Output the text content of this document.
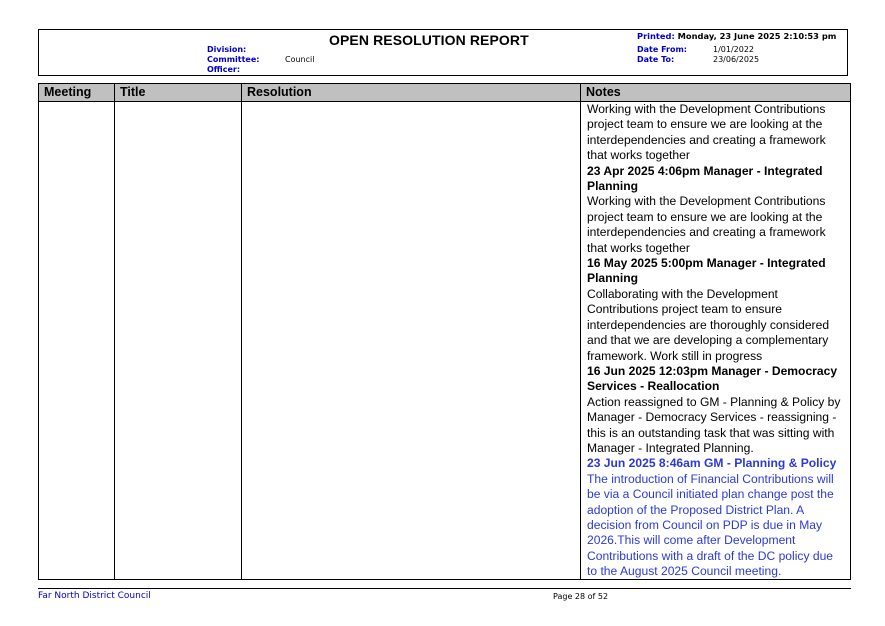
OPEN RESOLUTION REPORT
Division:
Committee:	Council
Officer:
Printed: Monday, 23 June 2025 2:10:53 pm
Date From:	1/01/2022
Date To:	23/06/2025
Meeting	Title	Resolution	Notes
Working with the Development Contributions
project team to ensure we are looking at the
interdependencies and creating a framework
that works together
23 Apr 2025 4:06pm Manager - Integrated
Planning
Working with the Development Contributions
project team to ensure we are looking at the
interdependencies and creating a framework
that works together
16 May 2025 5:00pm Manager - Integrated
Planning
Collaborating with the Development
Contributions project team to ensure
interdependencies are thoroughly considered
and that we are developing a complementary
framework. Work still in progress
16 Jun 2025 12:03pm Manager - Democracy
Services - Reallocation
Action reassigned to GM - Planning & Policy by
Manager - Democracy Services - reassigning -
this is an outstanding task that was sitting with
Manager - Integrated Planning.
23 Jun 2025 8:46am GM - Planning & Policy
The introduction of Financial Contributions will
be via a Council initiated plan change post the
adoption of the Proposed District Plan. A
decision from Council on PDP is due in May
2026.This will come after Development
Contributions with a draft of the DC policy due
to the August 2025 Council meeting.
Far North District Council	Page 28 of 52
